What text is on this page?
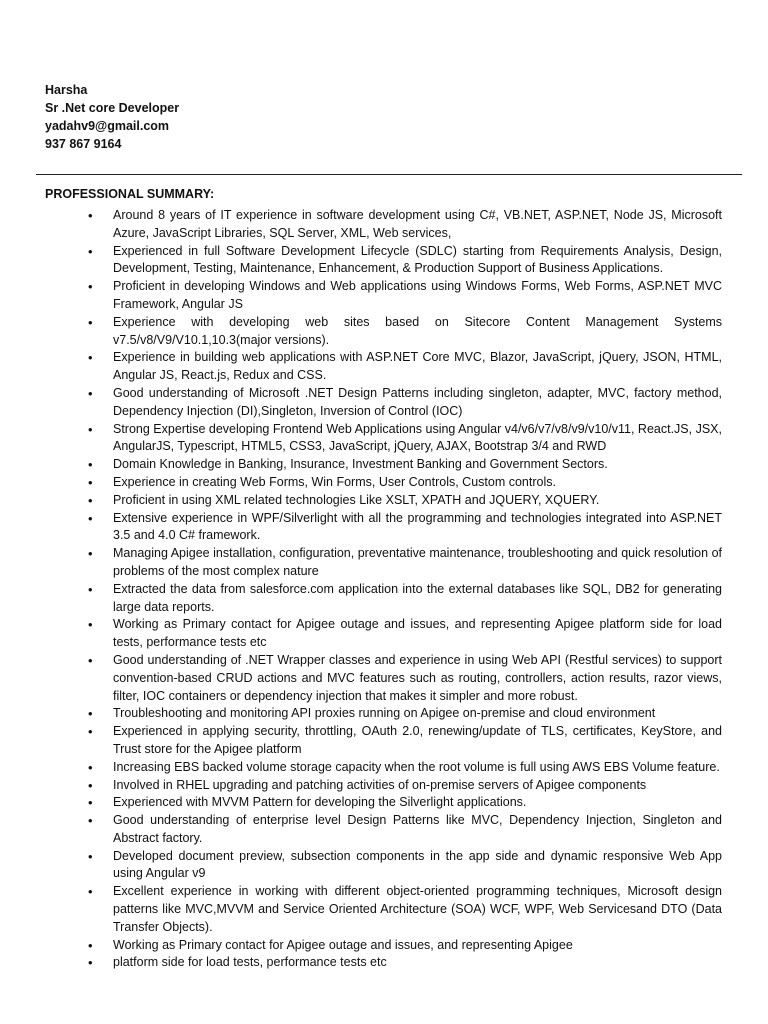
Harsha
Sr .Net core Developer
yadahv9@gmail.com
937 867 9164
PROFESSIONAL SUMMARY:
• Around 8 years of IT experience in software development using C#, VB.NET, ASP.NET, Node JS, Microsoft Azure, JavaScript Libraries, SQL Server, XML, Web services,
• Experienced in full Software Development Lifecycle (SDLC) starting from Requirements Analysis, Design, Development, Testing, Maintenance, Enhancement, & Production Support of Business Applications.
• Proficient in developing Windows and Web applications using Windows Forms, Web Forms, ASP.NET MVC Framework, Angular JS
• Experience with developing web sites based on Sitecore Content Management Systems v7.5/v8/V9/V10.1,10.3(major versions).
• Experience in building web applications with ASP.NET Core MVC, Blazor, JavaScript, jQuery, JSON, HTML, Angular JS, React.js, Redux and CSS.
• Good understanding of Microsoft .NET Design Patterns including singleton, adapter, MVC, factory method, Dependency Injection (DI),Singleton, Inversion of Control (IOC)
• Strong Expertise developing Frontend Web Applications using Angular v4/v6/v7/v8/v9/v10/v11, React.JS, JSX, AngularJS, Typescript, HTML5, CSS3, JavaScript, jQuery, AJAX, Bootstrap 3/4 and RWD
• Domain Knowledge in Banking, Insurance, Investment Banking and Government Sectors.
• Experience in creating Web Forms, Win Forms, User Controls, Custom controls.
• Proficient in using XML related technologies Like XSLT, XPATH and JQUERY, XQUERY.
• Extensive experience in WPF/Silverlight with all the programming and technologies integrated into ASP.NET 3.5 and 4.0 C# framework.
• Managing Apigee installation, configuration, preventative maintenance, troubleshooting and quick resolution of problems of the most complex nature
• Extracted the data from salesforce.com application into the external databases like SQL, DB2 for generating large data reports.
• Working as Primary contact for Apigee outage and issues, and representing Apigee platform side for load tests, performance tests etc
• Good understanding of .NET Wrapper classes and experience in using Web API (Restful services) to support convention-based CRUD actions and MVC features such as routing, controllers, action results, razor views, filter, IOC containers or dependency injection that makes it simpler and more robust.
• Troubleshooting and monitoring API proxies running on Apigee on-premise and cloud environment
• Experienced in applying security, throttling, OAuth 2.0, renewing/update of TLS, certificates, KeyStore, and Trust store for the Apigee platform
• Increasing EBS backed volume storage capacity when the root volume is full using AWS EBS Volume feature.
• Involved in RHEL upgrading and patching activities of on-premise servers of Apigee components
• Experienced with MVVM Pattern for developing the Silverlight applications.
• Good understanding of enterprise level Design Patterns like MVC, Dependency Injection, Singleton and Abstract factory.
• Developed document preview, subsection components in the app side and dynamic responsive Web App using Angular v9
• Excellent experience in working with different object-oriented programming techniques, Microsoft design patterns like MVC,MVVM and Service Oriented Architecture (SOA) WCF, WPF, Web Servicesand DTO (Data Transfer Objects).
• Working as Primary contact for Apigee outage and issues, and representing Apigee
• platform side for load tests, performance tests etc
